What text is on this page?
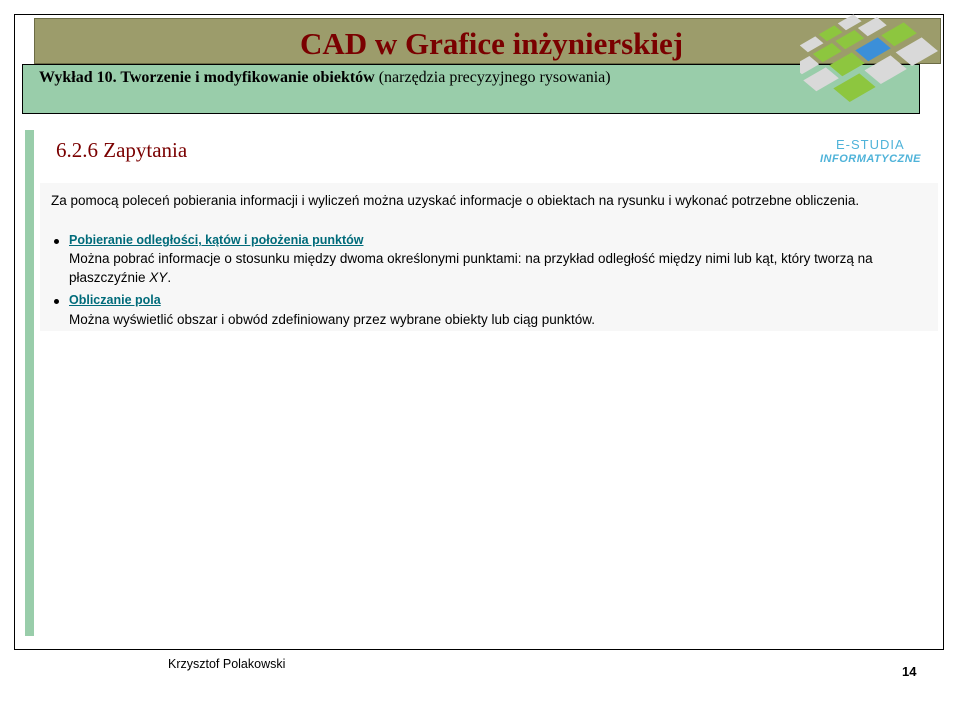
CAD w Grafice inżynierskiej
Wykład 10. Tworzenie i modyfikowanie obiektów (narzędzia precyzyjnego rysowania)
E-STUDIA
INFORMATYCZNE
6.2.6 Zapytania
Za pomocą poleceń pobierania informacji i wyliczeń można uzyskać informacje o obiektach na rysunku i wykonać potrzebne obliczenia.
Pobieranie odległości, kątów i położenia punktów
Można pobrać informacje o stosunku między dwoma określonymi punktami: na przykład odległość między nimi lub kąt, który tworzą na
płaszczyźnie XY.
Obliczanie pola
Można wyświetlić obszar i obwód zdefiniowany przez wybrane obiekty lub ciąg punktów.
Krzysztof Polakowski	14
